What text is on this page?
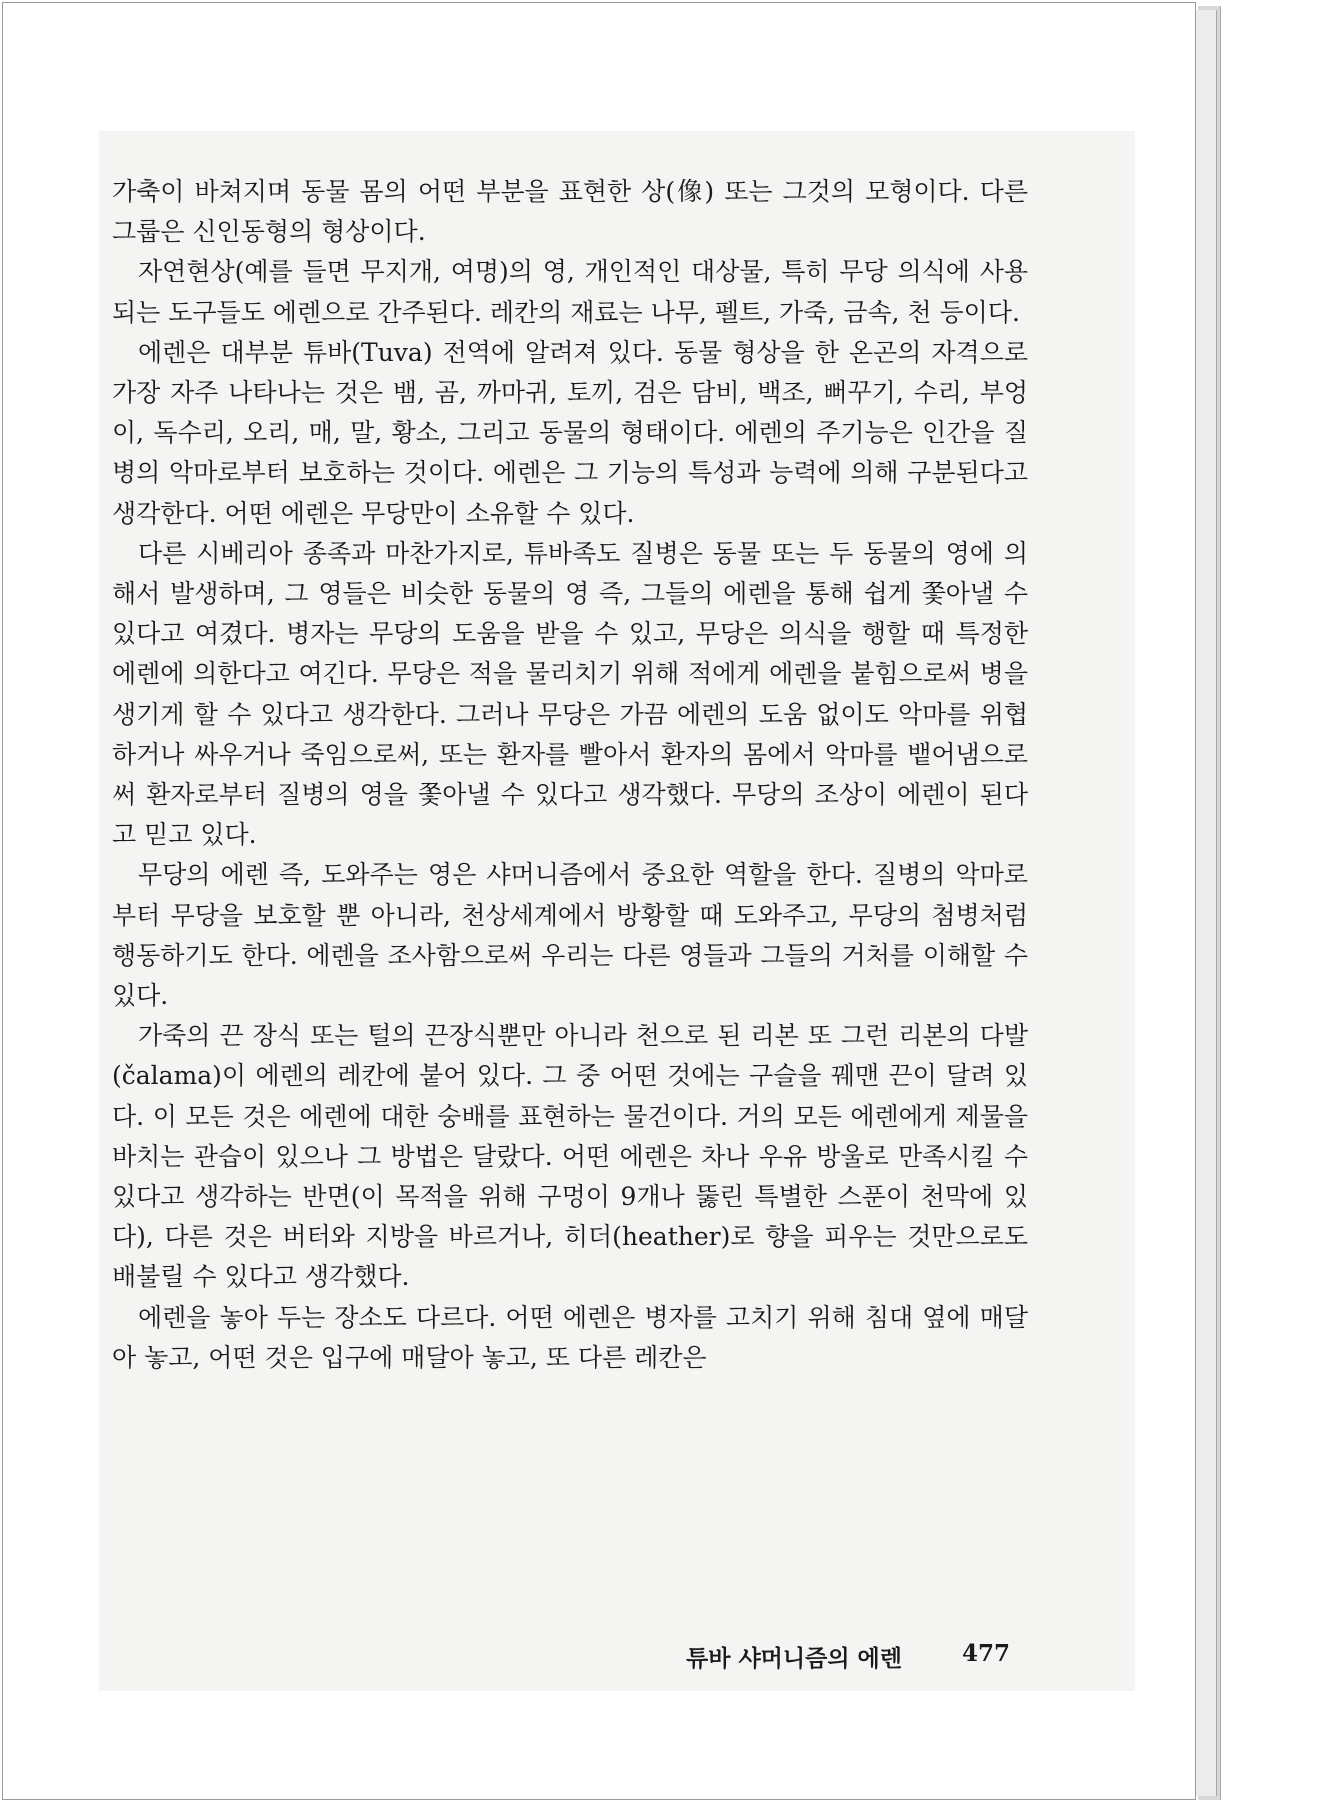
가축이 바쳐지며 동물 몸의 어떤 부분을 표현한 상(像) 또는 그것의 모형이다. 다른 그룹은 신인동형의 형상이다.

자연현상(예를 들면 무지개, 여명)의 영, 개인적인 대상물, 특히 무당 의식에 사용되는 도구들도 에렌으로 간주된다. 레칸의 재료는 나무, 펠트, 가죽, 금속, 천 등이다.

에렌은 대부분 튜바(Tuva) 전역에 알려져 있다. 동물 형상을 한 온곤의 자격으로 가장 자주 나타나는 것은 뱀, 곰, 까마귀, 토끼, 검은 담비, 백조, 뻐꾸기, 수리, 부엉이, 독수리, 오리, 매, 말, 황소, 그리고 동물의 형태이다. 에렌의 주기능은 인간을 질병의 악마로부터 보호하는 것이다. 에렌은 그 기능의 특성과 능력에 의해 구분된다고 생각한다. 어떤 에렌은 무당만이 소유할 수 있다.

다른 시베리아 종족과 마찬가지로, 튜바족도 질병은 동물 또는 두 동물의 영에 의해서 발생하며, 그 영들은 비슷한 동물의 영 즉, 그들의 에렌을 통해 쉽게 쫓아낼 수 있다고 여겼다. 병자는 무당의 도움을 받을 수 있고, 무당은 의식을 행할 때 특정한 에렌에 의한다고 여긴다. 무당은 적을 물리치기 위해 적에게 에렌을 붙힘으로써 병을 생기게 할 수 있다고 생각한다. 그러나 무당은 가끔 에렌의 도움 없이도 악마를 위협하거나 싸우거나 죽임으로써, 또는 환자를 빨아서 환자의 몸에서 악마를 뱉어냄으로써 환자로부터 질병의 영을 쫓아낼 수 있다고 생각했다. 무당의 조상이 에렌이 된다고 믿고 있다.

무당의 에렌 즉, 도와주는 영은 샤머니즘에서 중요한 역할을 한다. 질병의 악마로부터 무당을 보호할 뿐 아니라, 천상세계에서 방황할 때 도와주고, 무당의 첨병처럼 행동하기도 한다. 에렌을 조사함으로써 우리는 다른 영들과 그들의 거처를 이해할 수 있다.

가죽의 끈 장식 또는 털의 끈장식뿐만 아니라 천으로 된 리본 또 그런 리본의 다발(čalama)이 에렌의 레칸에 붙어 있다. 그 중 어떤 것에는 구슬을 꿰맨 끈이 달려 있다. 이 모든 것은 에렌에 대한 숭배를 표현하는 물건이다. 거의 모든 에렌에게 제물을 바치는 관습이 있으나 그 방법은 달랐다. 어떤 에렌은 차나 우유 방울로 만족시킬 수 있다고 생각하는 반면(이 목적을 위해 구멍이 9개나 뚫린 특별한 스푼이 천막에 있다), 다른 것은 버터와 지방을 바르거나, 히더(heather)로 향을 피우는 것만으로도 배불릴 수 있다고 생각했다.

에렌을 놓아 두는 장소도 다르다. 어떤 에렌은 병자를 고치기 위해 침대 옆에 매달아 놓고, 어떤 것은 입구에 매달아 놓고, 또 다른 레칸은

튜바 샤머니즘의 에렌	477
